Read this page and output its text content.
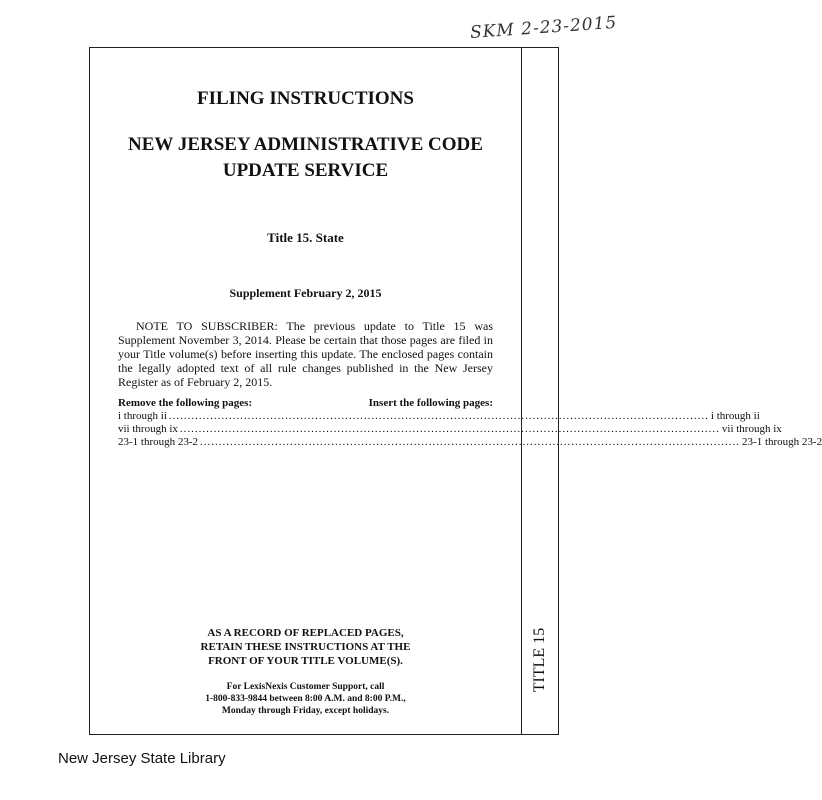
SKM 2-23-2015
TITLE 15

FILING INSTRUCTIONS

NEW JERSEY ADMINISTRATIVE CODE
UPDATE SERVICE

Title 15. State

Supplement February 2, 2015

NOTE TO SUBSCRIBER: The previous update to Title 15 was Supplement November 3, 2014. Please be certain that those pages are filed in your Title volume(s) before inserting this update. The enclosed pages contain the legally adopted text of all rule changes published in the New Jersey Register as of February 2, 2015.

Remove the following pages:	Insert the following pages:
i through ii ................................................................................................................................................ i through ii
vii through ix ................................................................................................................................................ vii through ix
23-1 through 23-2 ................................................................................................................................................ 23-1 through 23-2
AS A RECORD OF REPLACED PAGES,
RETAIN THESE INSTRUCTIONS AT THE
FRONT OF YOUR TITLE VOLUME(S).
For LexisNexis Customer Support, call
1-800-833-9844 between 8:00 A.M. and 8:00 P.M.,
Monday through Friday, except holidays.
New Jersey State Library
